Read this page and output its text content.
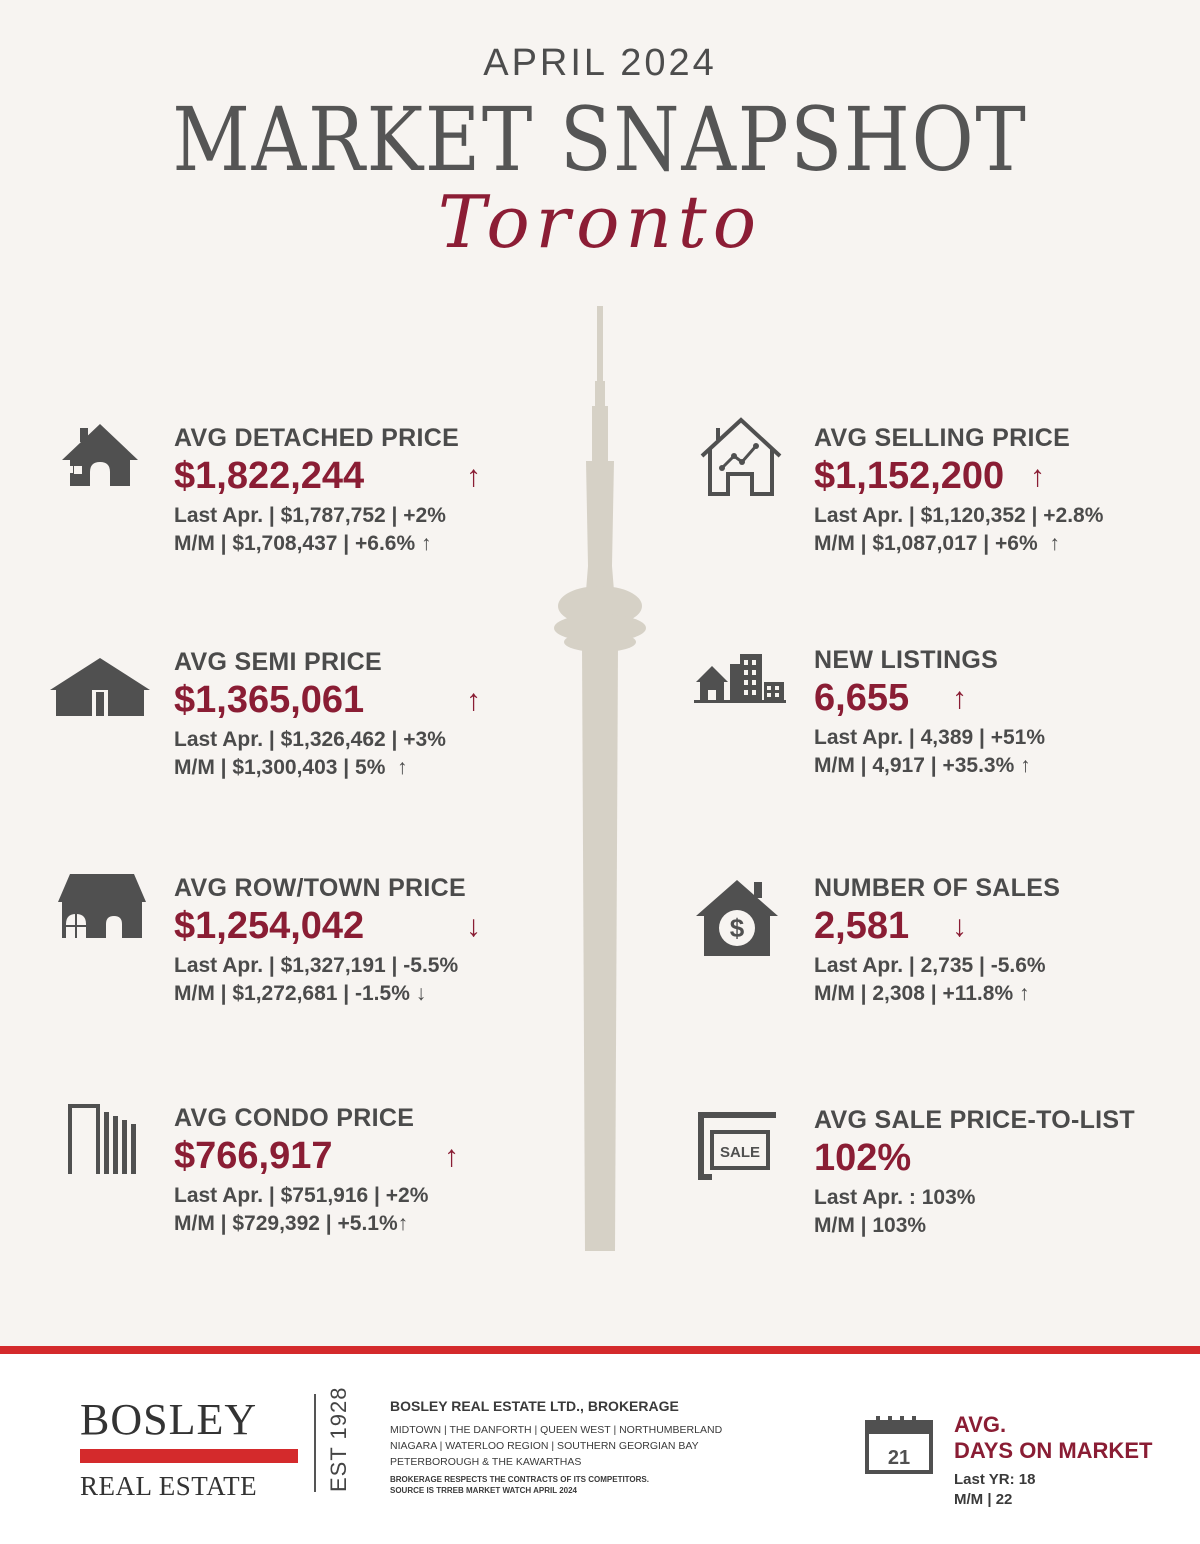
APRIL 2024
MARKET SNAPSHOT
Toronto
AVG DETACHED PRICE
$1,822,244	↑
Last Apr. | $1,787,752 | +2%
M/M | $1,708,437 | +6.6% ↑
AVG SEMI PRICE
$1,365,061	↑
Last Apr. | $1,326,462 | +3%
M/M | $1,300,403 | 5% ↑
AVG ROW/TOWN PRICE
$1,254,042	↓
Last Apr. | $1,327,191 | -5.5%
M/M | $1,272,681 | -1.5% ↓
AVG CONDO PRICE
$766,917	↑
Last Apr. | $751,916 | +2%
M/M | $729,392 | +5.1%↑
AVG SELLING PRICE
$1,152,200 ↑
Last Apr. | $1,120,352 | +2.8%
M/M | $1,087,017 | +6% ↑
NEW LISTINGS
6,655 ↑
Last Apr. | 4,389 | +51%
M/M | 4,917 | +35.3% ↑
$
NUMBER OF SALES
2,581 ↓
Last Apr. | 2,735 | -5.6%
M/M | 2,308 | +11.8% ↑
SALE
AVG SALE PRICE-TO-LIST
102%
Last Apr. : 103%
M/M | 103%
BOSLEY
REAL ESTATE	EST 1928	BOSLEY REAL ESTATE LTD., BROKERAGE
MIDTOWN | THE DANFORTH | QUEEN WEST | NORTHUMBERLAND
NIAGARA | WATERLOO REGION | SOUTHERN GEORGIAN BAY
PETERBOROUGH & THE KAWARTHAS
BROKERAGE RESPECTS THE CONTRACTS OF ITS COMPETITORS.
SOURCE IS TRREB MARKET WATCH APRIL 2024
21
AVG.
DAYS ON MARKET
Last YR: 18
M/M | 22
